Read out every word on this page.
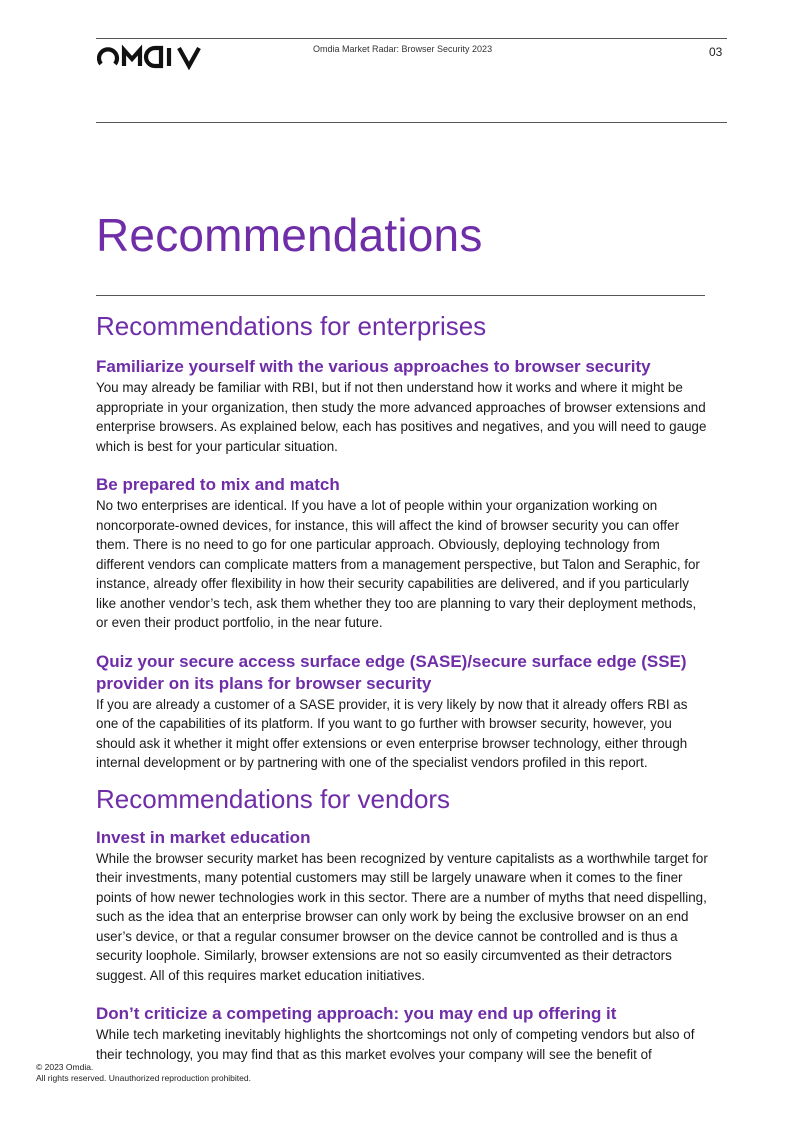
Omdia Market Radar: Browser Security 2023	03
Recommendations
Recommendations for enterprises
Familiarize yourself with the various approaches to browser security

You may already be familiar with RBI, but if not then understand how it works and where it might be appropriate in your organization, then study the more advanced approaches of browser extensions and enterprise browsers. As explained below, each has positives and negatives, and you will need to gauge which is best for your particular situation.

Be prepared to mix and match

No two enterprises are identical. If you have a lot of people within your organization working on noncorporate-owned devices, for instance, this will affect the kind of browser security you can offer them. There is no need to go for one particular approach. Obviously, deploying technology from different vendors can complicate matters from a management perspective, but Talon and Seraphic, for instance, already offer flexibility in how their security capabilities are delivered, and if you particularly like another vendor’s tech, ask them whether they too are planning to vary their deployment methods, or even their product portfolio, in the near future.

Quiz your secure access surface edge (SASE)/secure surface edge (SSE) provider on its plans for browser security

If you are already a customer of a SASE provider, it is very likely by now that it already offers RBI as one of the capabilities of its platform. If you want to go further with browser security, however, you should ask it whether it might offer extensions or even enterprise browser technology, either through internal development or by partnering with one of the specialist vendors profiled in this report.

Recommendations for vendors
Invest in market education

While the browser security market has been recognized by venture capitalists as a worthwhile target for their investments, many potential customers may still be largely unaware when it comes to the finer points of how newer technologies work in this sector. There are a number of myths that need dispelling, such as the idea that an enterprise browser can only work by being the exclusive browser on an end user’s device, or that a regular consumer browser on the device cannot be controlled and is thus a security loophole. Similarly, browser extensions are not so easily circumvented as their detractors suggest. All of this requires market education initiatives.

Don’t criticize a competing approach: you may end up offering it

While tech marketing inevitably highlights the shortcomings not only of competing vendors but also of their technology, you may find that as this market evolves your company will see the benefit of

© 2023 Omdia.
All rights reserved. Unauthorized reproduction prohibited.
